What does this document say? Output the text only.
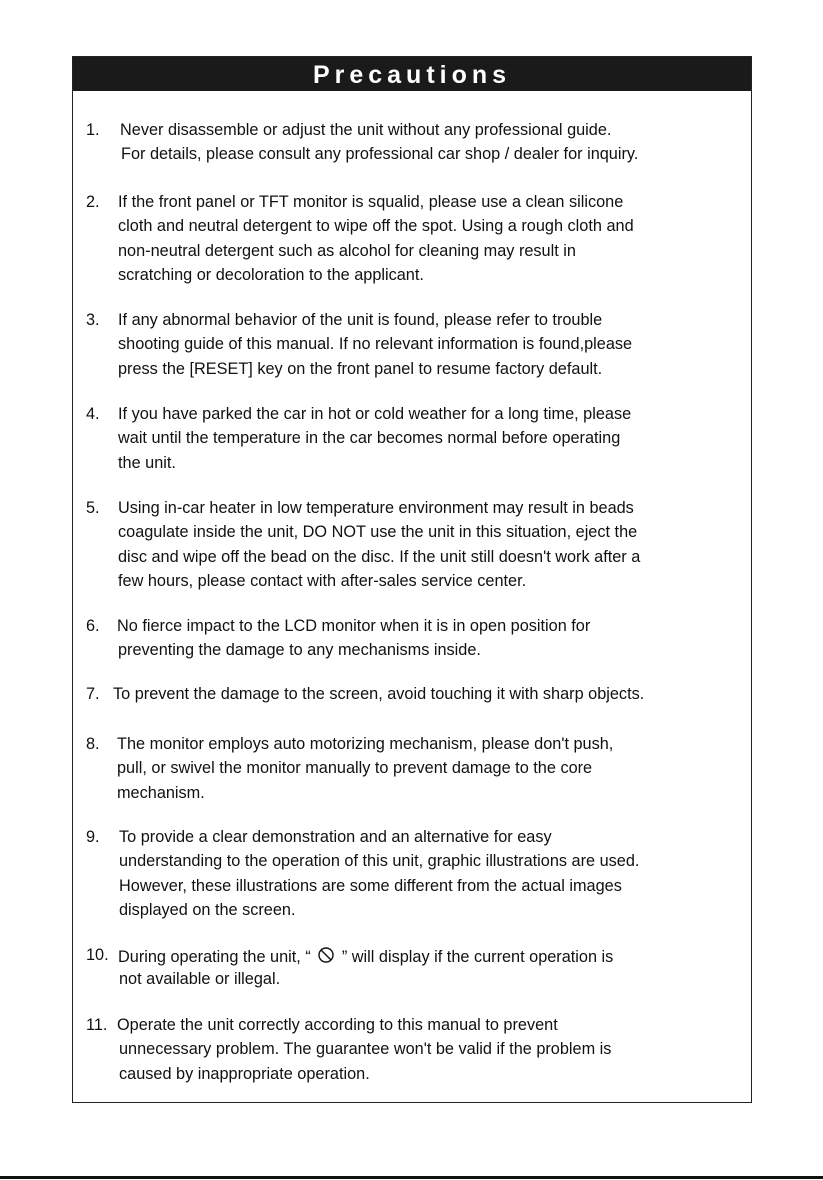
Precautions
1. Never disassemble or adjust the unit without any professional guide.
For details, please consult any professional car shop / dealer for inquiry.
2. If the front panel or TFT monitor is squalid, please use a clean silicone
cloth and neutral detergent to wipe off the spot. Using a rough cloth and
non-neutral detergent such as alcohol for cleaning may result in
scratching or decoloration to the applicant.
3. If any abnormal behavior of the unit is found, please refer to trouble
shooting guide of this manual. If no relevant information is found,please
press the [RESET] key on the front panel to resume factory default.
4. If you have parked the car in hot or cold weather for a long time, please
wait until the temperature in the car becomes normal before operating
the unit.
5. Using in-car heater in low temperature environment may result in beads
coagulate inside the unit, DO NOT use the unit in this situation, eject the
disc and wipe off the bead on the disc. If the unit still doesn't work after a
few hours, please contact with after-sales service center.
6. No fierce impact to the LCD monitor when it is in open position for
preventing the damage to any mechanisms inside.
7. To prevent the damage to the screen, avoid touching it with sharp objects.
8. The monitor employs auto motorizing mechanism, please don't push,
pull, or swivel the monitor manually to prevent damage to the core
mechanism.
9. To provide a clear demonstration and an alternative for easy
understanding to the operation of this unit, graphic illustrations are used.
However, these illustrations are some different from the actual images
displayed on the screen.
10. During operating the unit, “ ” will display if the current operation is
not available or illegal.
11. Operate the unit correctly according to this manual to prevent
unnecessary problem. The guarantee won't be valid if the problem is
caused by inappropriate operation.
